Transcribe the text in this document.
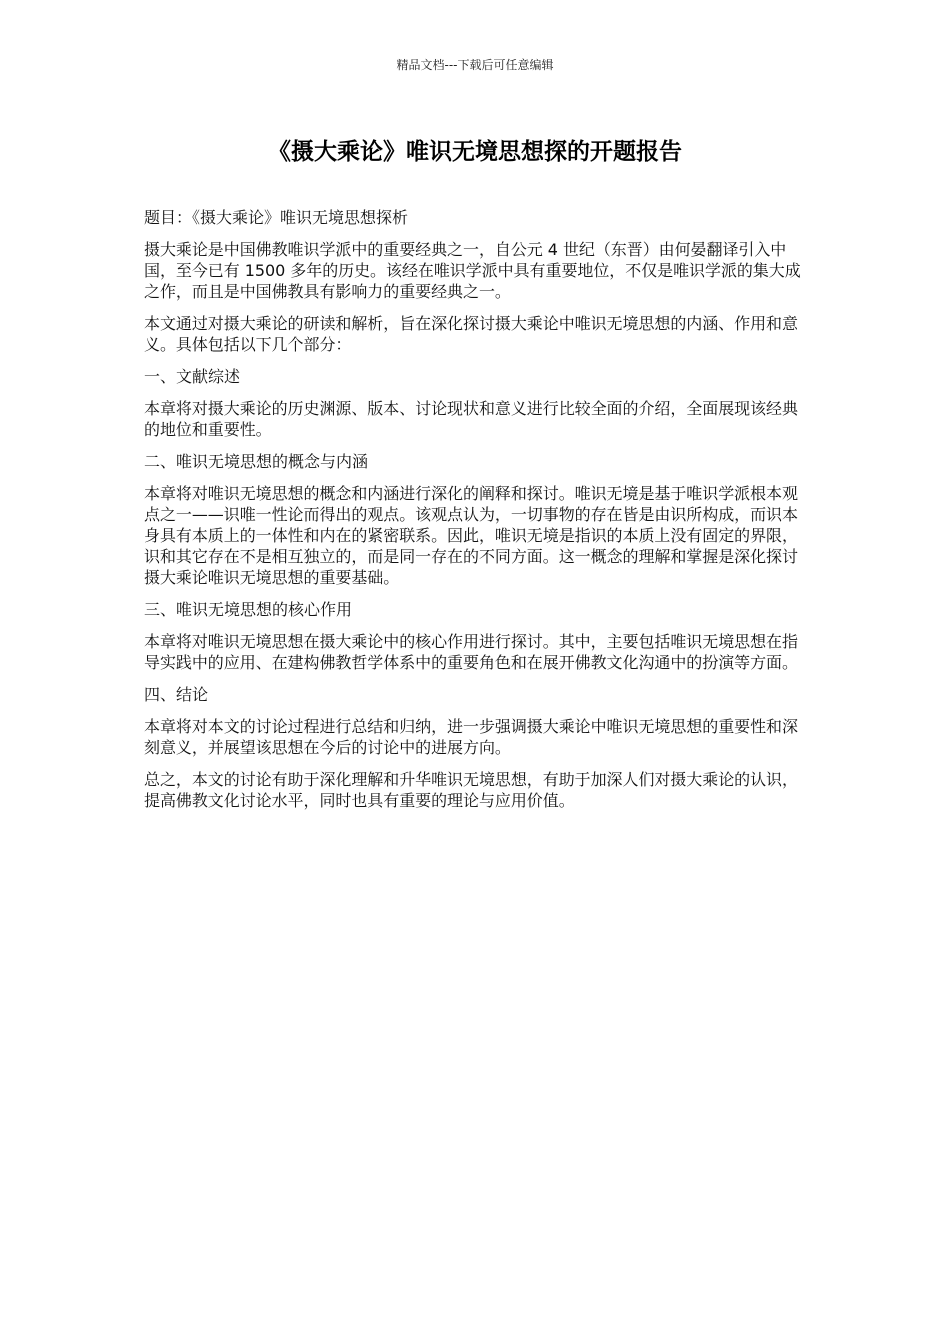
精品文档---下载后可任意编辑
《摄大乘论》唯识无境思想探的开题报告

题目：《摄大乘论》唯识无境思想探析

摄大乘论是中国佛教唯识学派中的重要经典之一，自公元 4 世纪（东晋）由何晏翻译引入中国，至今已有 1500 多年的历史。该经在唯识学派中具有重要地位，不仅是唯识学派的集大成之作，而且是中国佛教具有影响力的重要经典之一。

本文通过对摄大乘论的研读和解析，旨在深化探讨摄大乘论中唯识无境思想的内涵、作用和意义。具体包括以下几个部分：

一、文献综述

本章将对摄大乘论的历史渊源、版本、讨论现状和意义进行比较全面的介绍，全面展现该经典的地位和重要性。

二、唯识无境思想的概念与内涵

本章将对唯识无境思想的概念和内涵进行深化的阐释和探讨。唯识无境是基于唯识学派根本观点之一——识唯一性论而得出的观点。该观点认为，一切事物的存在皆是由识所构成，而识本身具有本质上的一体性和内在的紧密联系。因此，唯识无境是指识的本质上没有固定的界限，识和其它存在不是相互独立的，而是同一存在的不同方面。这一概念的理解和掌握是深化探讨摄大乘论唯识无境思想的重要基础。

三、唯识无境思想的核心作用

本章将对唯识无境思想在摄大乘论中的核心作用进行探讨。其中，主要包括唯识无境思想在指导实践中的应用、在建构佛教哲学体系中的重要角色和在展开佛教文化沟通中的扮演等方面。

四、结论

本章将对本文的讨论过程进行总结和归纳，进一步强调摄大乘论中唯识无境思想的重要性和深刻意义，并展望该思想在今后的讨论中的进展方向。

总之，本文的讨论有助于深化理解和升华唯识无境思想，有助于加深人们对摄大乘论的认识，提高佛教文化讨论水平，同时也具有重要的理论与应用价值。
